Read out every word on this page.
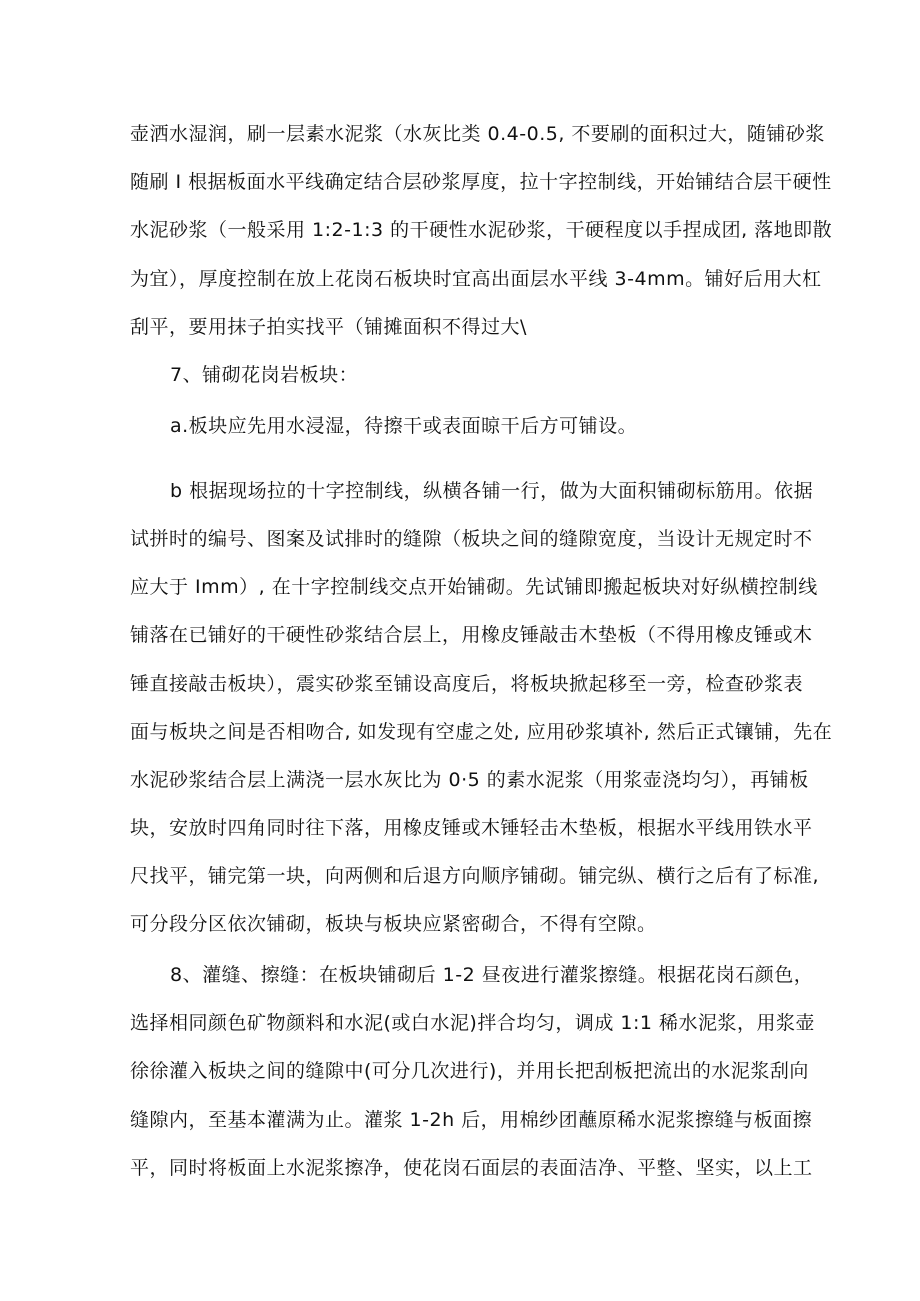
壶洒水湿润，刷一层素水泥浆（水灰比类 0.4-0.5, 不要刷的面积过大，随铺砂浆
随刷 I 根据板面水平线确定结合层砂浆厚度，拉十字控制线，开始铺结合层干硬性
水泥砂浆（一般采用 1:2-1:3 的干硬性水泥砂浆，干硬程度以手捏成团, 落地即散
为宜），厚度控制在放上花岗石板块时宜高出面层水平线 3-4mm。铺好后用大杠
刮平，要用抹子拍实找平（铺摊面积不得过大\
7、铺砌花岗岩板块：
a.板块应先用水浸湿，待擦干或表面晾干后方可铺设。
b 根据现场拉的十字控制线，纵横各铺一行，做为大面积铺砌标筋用。依据
试拼时的编号、图案及试排时的缝隙（板块之间的缝隙宽度，当设计无规定时不
应大于 Imm）, 在十字控制线交点开始铺砌。先试铺即搬起板块对好纵横控制线
铺落在已铺好的干硬性砂浆结合层上，用橡皮锤敲击木垫板（不得用橡皮锤或木
锤直接敲击板块），震实砂浆至铺设高度后，将板块掀起移至一旁，检查砂浆表
面与板块之间是否相吻合, 如发现有空虚之处, 应用砂浆填补, 然后正式镶铺，先在
水泥砂浆结合层上满浇一层水灰比为 0·5 的素水泥浆（用浆壶浇均匀），再铺板
块，安放时四角同时往下落，用橡皮锤或木锤轻击木垫板，根据水平线用铁水平
尺找平，铺完第一块，向两侧和后退方向顺序铺砌。铺完纵、横行之后有了标准,
可分段分区依次铺砌，板块与板块应紧密砌合，不得有空隙。
8、灌缝、擦缝：在板块铺砌后 1-2 昼夜进行灌浆擦缝。根据花岗石颜色，
选择相同颜色矿物颜料和水泥(或白水泥)拌合均匀，调成 1:1 稀水泥浆，用浆壶
徐徐灌入板块之间的缝隙中(可分几次进行)，并用长把刮板把流出的水泥浆刮向
缝隙内，至基本灌满为止。灌浆 1-2h 后，用棉纱团蘸原稀水泥浆擦缝与板面擦
平，同时将板面上水泥浆擦净，使花岗石面层的表面洁净、平整、坚实，以上工
